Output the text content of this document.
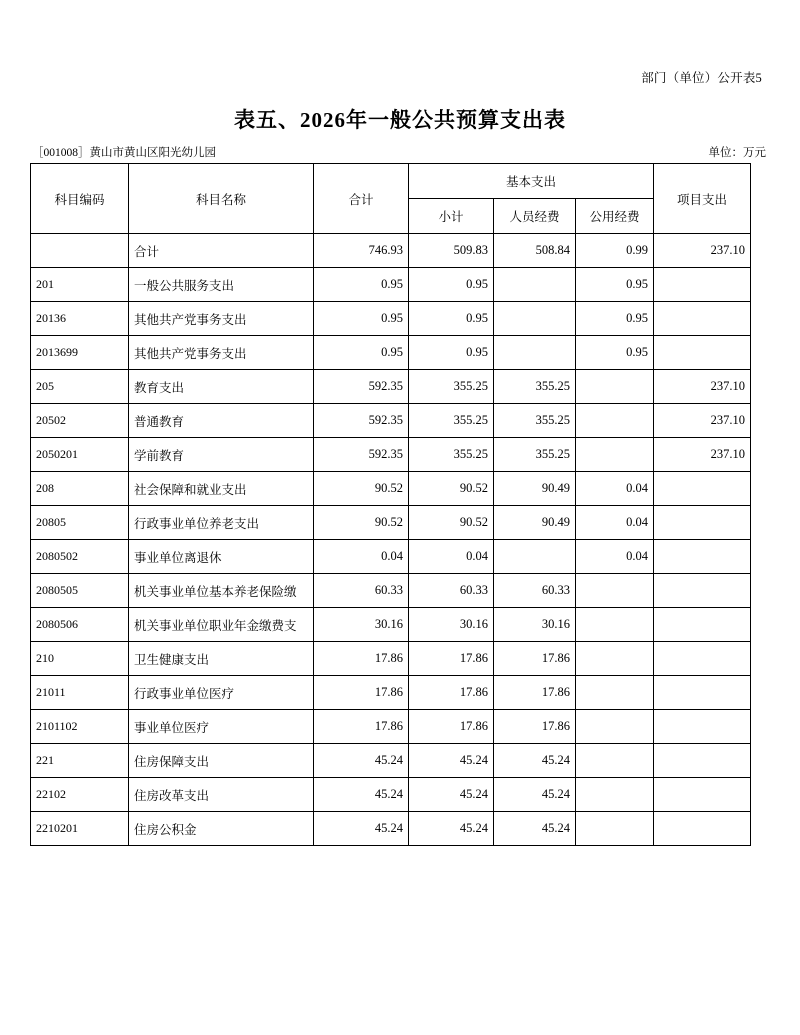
部门（单位）公开表5
表五、2026年一般公共预算支出表
［001008］黄山市黄山区阳光幼儿园	单位：万元
科目编码	科目名称	合计	基本支出			项目支出
			小计	人员经费	公用经费	
	合计	746.93	509.83	508.84	0.99	237.10
201	一般公共服务支出	0.95	0.95		0.95	
20136	其他共产党事务支出	0.95	0.95		0.95	
2013699	其他共产党事务支出	0.95	0.95		0.95	
205	教育支出	592.35	355.25	355.25		237.10
20502	普通教育	592.35	355.25	355.25		237.10
2050201	学前教育	592.35	355.25	355.25		237.10
208	社会保障和就业支出	90.52	90.52	90.49	0.04	
20805	行政事业单位养老支出	90.52	90.52	90.49	0.04	
2080502	事业单位离退休	0.04	0.04		0.04	
2080505	机关事业单位基本养老保险缴	60.33	60.33	60.33		
2080506	机关事业单位职业年金缴费支	30.16	30.16	30.16		
210	卫生健康支出	17.86	17.86	17.86		
21011	行政事业单位医疗	17.86	17.86	17.86		
2101102	事业单位医疗	17.86	17.86	17.86		
221	住房保障支出	45.24	45.24	45.24		
22102	住房改革支出	45.24	45.24	45.24		
2210201	住房公积金	45.24	45.24	45.24		
